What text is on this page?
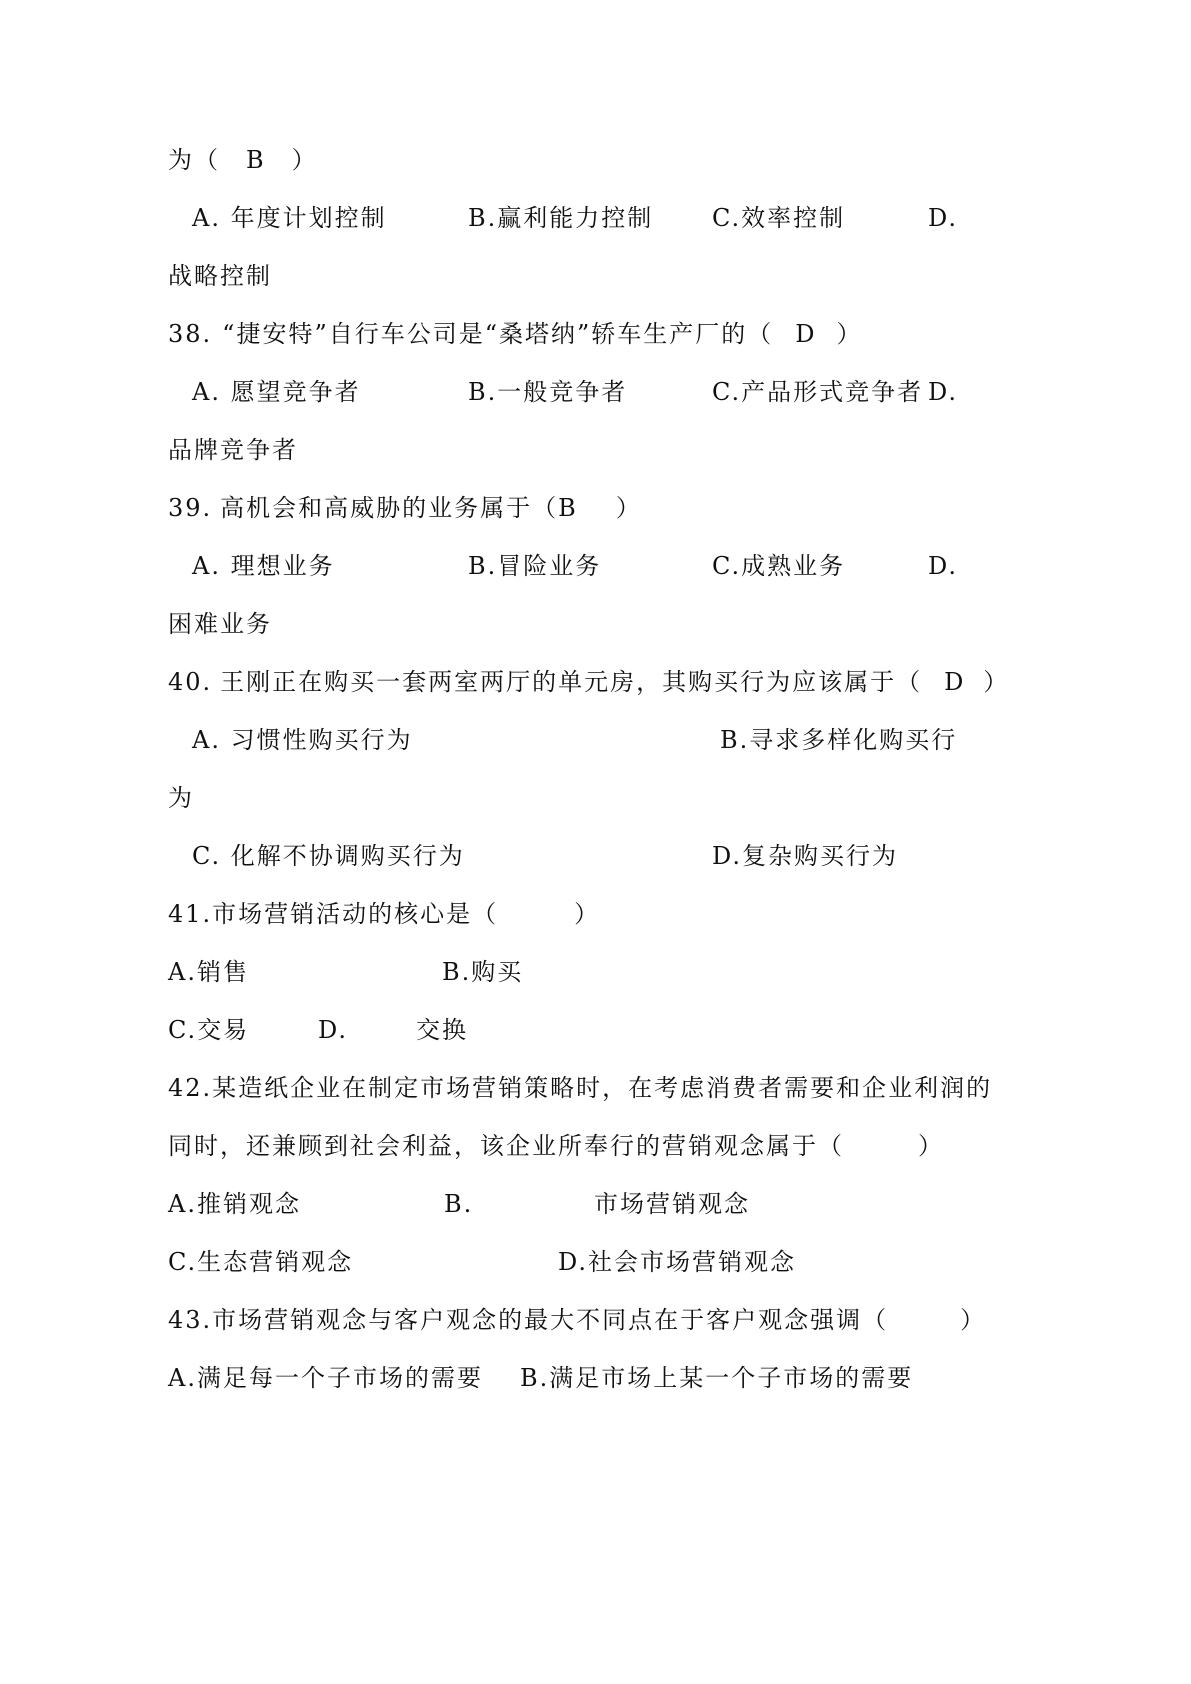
为（ B ）
A. 年度计划控制	B.赢利能力控制 C.效率控制	D.
战略控制
38. “捷安特”自行车公司是“桑塔纳”轿车生产厂的（ D ）
A. 愿望竞争者	B.一般竞争者	C.产品形式竞争者 D.
品牌竞争者
39. 高机会和高威胁的业务属于（B ）
A. 理想业务	B.冒险业务	C.成熟业务	D.
困难业务
40. 王刚正在购买一套两室两厅的单元房，其购买行为应该属于（ D ）
A. 习惯性购买行为	B.寻求多样化购买行
为
C. 化解不协调购买行为	D.复杂购买行为
41.市场营销活动的核心是（	）
A.销售	B.购买
C.交易	D.	交换
42.某造纸企业在制定市场营销策略时，在考虑消费者需要和企业利润的
同时，还兼顾到社会利益，该企业所奉行的营销观念属于（	）
A.推销观念	B.	市场营销观念
C.生态营销观念	D.社会市场营销观念
43.市场营销观念与客户观念的最大不同点在于客户观念强调（	）
A.满足每一个子市场的需要 B.满足市场上某一个子市场的需要
